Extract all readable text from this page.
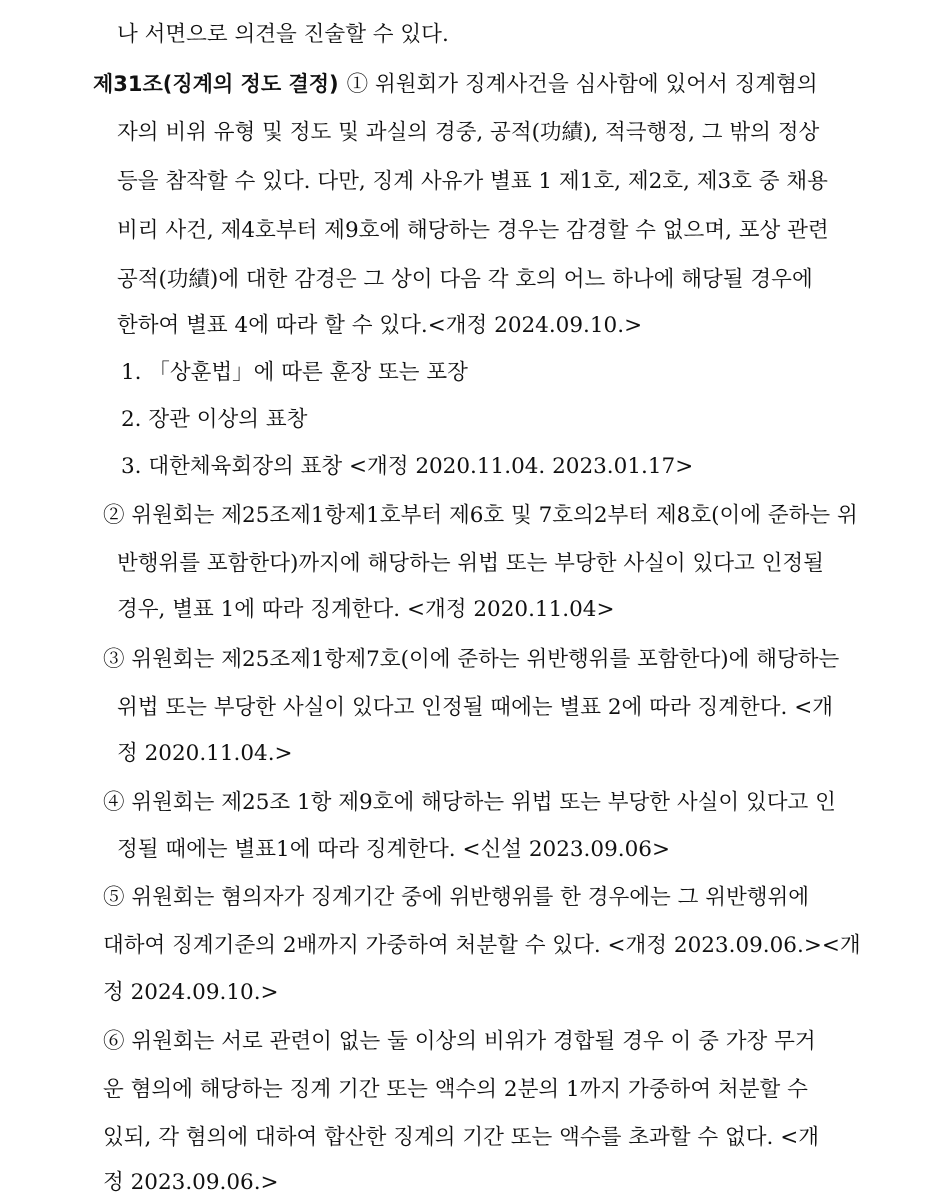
나 서면으로 의견을 진술할 수 있다.
제31조(징계의 정도 결정) ① 위원회가 징계사건을 심사함에 있어서 징계혐의
자의 비위 유형 및 정도 및 과실의 경중, 공적(功績), 적극행정, 그 밖의 정상
등을 참작할 수 있다. 다만, 징계 사유가 별표 1 제1호, 제2호, 제3호 중 채용
비리 사건, 제4호부터 제9호에 해당하는 경우는 감경할 수 없으며, 포상 관련
공적(功績)에 대한 감경은 그 상이 다음 각 호의 어느 하나에 해당될 경우에
한하여 별표 4에 따라 할 수 있다.<개정 2024.09.10.>
1. 「상훈법」에 따른 훈장 또는 포장
2. 장관 이상의 표창
3. 대한체육회장의 표창 <개정 2020.11.04. 2023.01.17>
② 위원회는 제25조제1항제1호부터 제6호 및 7호의2부터 제8호(이에 준하는 위
반행위를 포함한다)까지에 해당하는 위법 또는 부당한 사실이 있다고 인정될
경우, 별표 1에 따라 징계한다. <개정 2020.11.04>
③ 위원회는 제25조제1항제7호(이에 준하는 위반행위를 포함한다)에 해당하는
위법 또는 부당한 사실이 있다고 인정될 때에는 별표 2에 따라 징계한다. <개
정 2020.11.04.>
④ 위원회는 제25조 1항 제9호에 해당하는 위법 또는 부당한 사실이 있다고 인
정될 때에는 별표1에 따라 징계한다. <신설 2023.09.06>
⑤ 위원회는 혐의자가 징계기간 중에 위반행위를 한 경우에는 그 위반행위에
대하여 징계기준의 2배까지 가중하여 처분할 수 있다. <개정 2023.09.06.><개
정 2024.09.10.>
⑥ 위원회는 서로 관련이 없는 둘 이상의 비위가 경합될 경우 이 중 가장 무거
운 혐의에 해당하는 징계 기간 또는 액수의 2분의 1까지 가중하여 처분할 수
있되, 각 혐의에 대하여 합산한 징계의 기간 또는 액수를 초과할 수 없다. <개
정 2023.09.06.>
